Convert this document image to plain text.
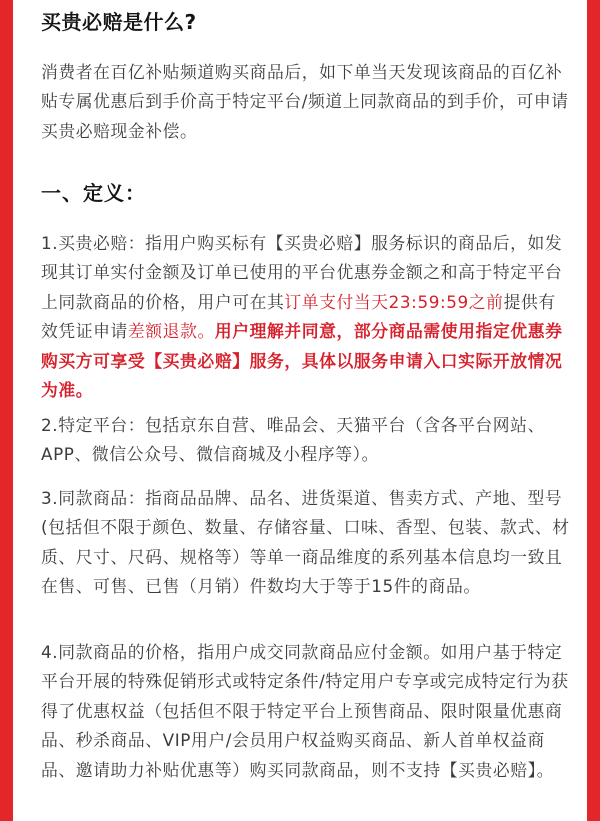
买贵必赔是什么?

消费者在百亿补贴频道购买商品后，如下单当天发现该商品的百亿补贴专属优惠后到手价高于特定平台/频道上同款商品的到手价，可申请买贵必赔现金补偿。

一、定义：

1.买贵必赔：指用户购买标有【买贵必赔】服务标识的商品后，如发现其订单实付金额及订单已使用的平台优惠券金额之和高于特定平台上同款商品的价格，用户可在其订单支付当天23:59:59之前提供有效凭证申请差额退款。用户理解并同意，部分商品需使用指定优惠券购买方可享受【买贵必赔】服务，具体以服务申请入口实际开放情况为准。

2.特定平台：包括京东自营、唯品会、天猫平台（含各平台网站、APP、微信公众号、微信商城及小程序等）。

3.同款商品：指商品品牌、品名、进货渠道、售卖方式、产地、型号(包括但不限于颜色、数量、存储容量、口味、香型、包装、款式、材质、尺寸、尺码、规格等）等单一商品维度的系列基本信息均一致且在售、可售、已售（月销）件数均大于等于15件的商品。

4.同款商品的价格，指用户成交同款商品应付金额。如用户基于特定平台开展的特殊促销形式或特定条件/特定用户专享或完成特定行为获得了优惠权益（包括但不限于特定平台上预售商品、限时限量优惠商品、秒杀商品、VIP用户/会员用户权益购买商品、新人首单权益商品、邀请助力补贴优惠等）购买同款商品，则不支持【买贵必赔】。
